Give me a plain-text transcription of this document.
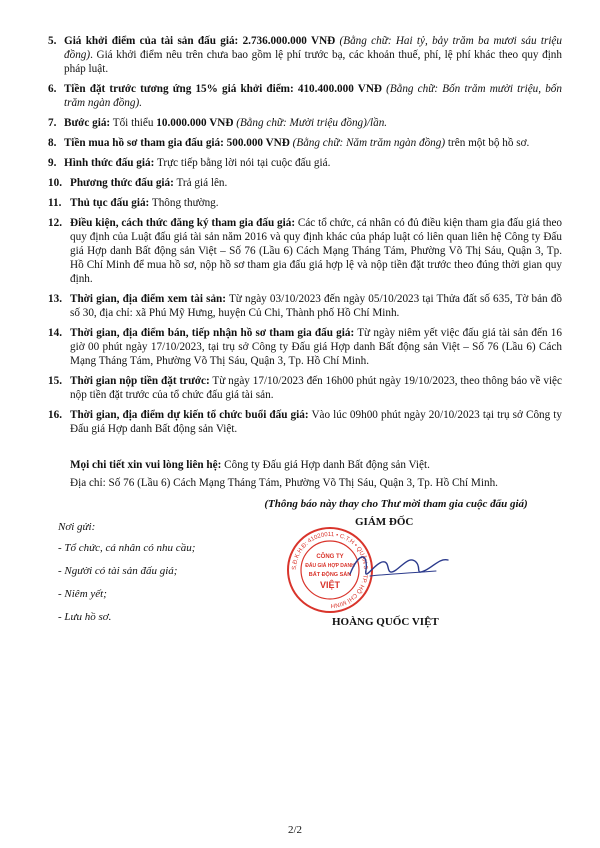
5. Giá khởi điểm của tài sản đấu giá: 2.736.000.000 VNĐ (Bằng chữ: Hai tỷ, bảy trăm ba mươi sáu triệu đồng). Giá khởi điểm nêu trên chưa bao gồm lệ phí trước bạ, các khoản thuế, phí, lệ phí khác theo quy định pháp luật.
6. Tiền đặt trước tương ứng 15% giá khởi điểm: 410.400.000 VNĐ (Bằng chữ: Bốn trăm mười triệu, bốn trăm ngàn đồng).
7. Bước giá: Tối thiểu 10.000.000 VNĐ (Bằng chữ: Mười triệu đồng)/lần.
8. Tiền mua hồ sơ tham gia đấu giá: 500.000 VNĐ (Bằng chữ: Năm trăm ngàn đồng) trên một bộ hồ sơ.
9. Hình thức đấu giá: Trực tiếp bằng lời nói tại cuộc đấu giá.
10. Phương thức đấu giá: Trả giá lên.
11. Thủ tục đấu giá: Thông thường.
12. Điều kiện, cách thức đăng ký tham gia đấu giá: Các tổ chức, cá nhân có đủ điều kiện tham gia đấu giá theo quy định của Luật đấu giá tài sản năm 2016 và quy định khác của pháp luật có liên quan liên hệ Công ty Đấu giá Hợp danh Bất động sản Việt – Số 76 (Lầu 6) Cách Mạng Tháng Tám, Phường Võ Thị Sáu, Quận 3, Tp. Hồ Chí Minh để mua hồ sơ, nộp hồ sơ tham gia đấu giá hợp lệ và nộp tiền đặt trước theo đúng thời gian quy định.
13. Thời gian, địa điểm xem tài sản: Từ ngày 03/10/2023 đến ngày 05/10/2023 tại Thửa đất số 635, Tờ bản đồ số 30, địa chỉ: xã Phú Mỹ Hưng, huyện Củ Chi, Thành phố Hồ Chí Minh.
14. Thời gian, địa điểm bán, tiếp nhận hồ sơ tham gia đấu giá: Từ ngày niêm yết việc đấu giá tài sản đến 16 giờ 00 phút ngày 17/10/2023, tại trụ sở Công ty Đấu giá Hợp danh Bất động sản Việt – Số 76 (Lầu 6) Cách Mạng Tháng Tám, Phường Võ Thị Sáu, Quận 3, Tp. Hồ Chí Minh.
15. Thời gian nộp tiền đặt trước: Từ ngày 17/10/2023 đến 16h00 phút ngày 19/10/2023, theo thông báo về việc nộp tiền đặt trước của tổ chức đấu giá tài sản.
16. Thời gian, địa điểm dự kiến tổ chức buổi đấu giá: Vào lúc 09h00 phút ngày 20/10/2023 tại trụ sở Công ty Đấu giá Hợp danh Bất động sản Việt.
Mọi chi tiết xin vui lòng liên hệ: Công ty Đấu giá Hợp danh Bất động sản Việt.
Địa chỉ: Số 76 (Lầu 6) Cách Mạng Tháng Tám, Phường Võ Thị Sáu, Quận 3, Tp. Hồ Chí Minh.
(Thông báo này thay cho Thư mời tham gia cuộc đấu giá)
Nơi gửi:
- Tổ chức, cá nhân có nhu cầu;
- Người có tài sản đấu giá;
- Niêm yết;
- Lưu hồ sơ.
GIÁM ĐỐC
S.Đ.K.H.Đ: 41020011 • C.T.H • QUẬN 3 • TP. HỒ CHÍ MINH
CÔNG TY
ĐẤU GIÁ HỢP DANH
BẤT ĐỘNG SẢN
VIỆT
HOÀNG QUỐC VIỆT
2/2
